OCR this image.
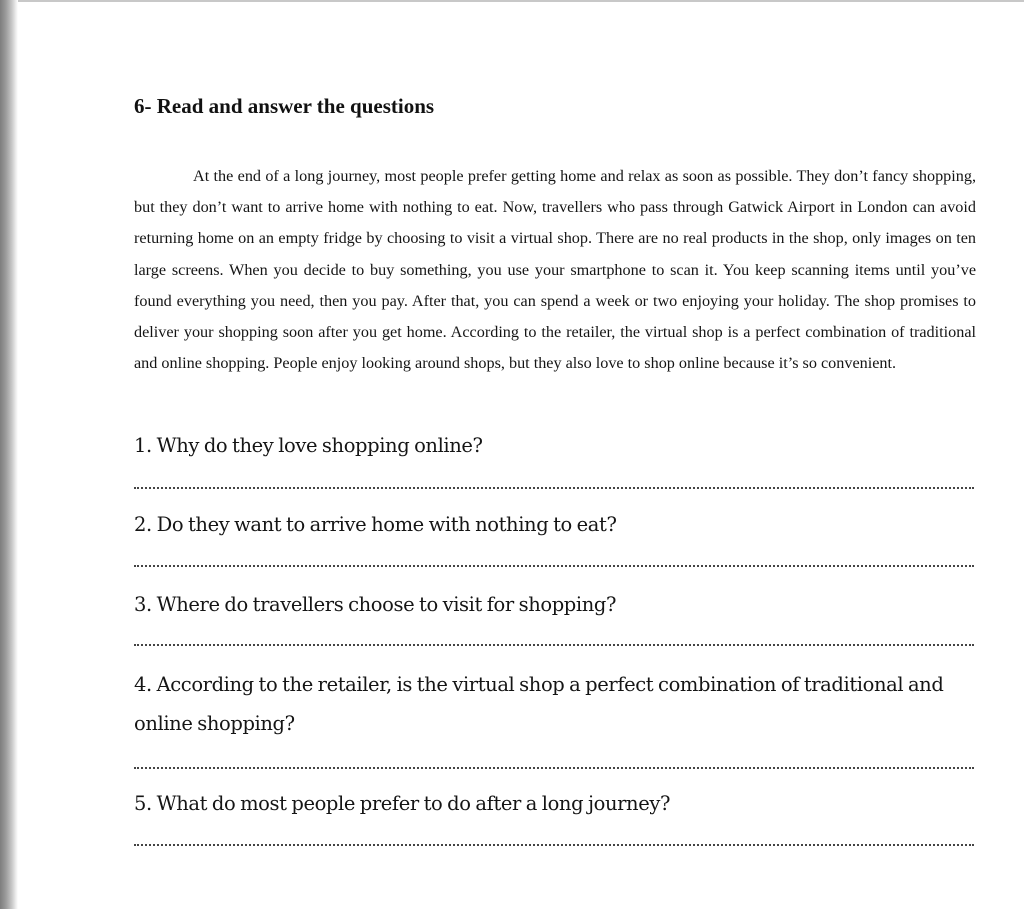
6- Read and answer the questions

At the end of a long journey, most people prefer getting home and relax as soon as possible. They don’t fancy shopping, but they don’t want to arrive home with nothing to eat. Now, travellers who pass through Gatwick Airport in London can avoid returning home on an empty fridge by choosing to visit a virtual shop. There are no real products in the shop, only images on ten large screens. When you decide to buy something, you use your smartphone to scan it. You keep scanning items until you’ve found everything you need, then you pay. After that, you can spend a week or two enjoying your holiday. The shop promises to deliver your shopping soon after you get home. According to the retailer, the virtual shop is a perfect combination of traditional and online shopping. People enjoy looking around shops, but they also love to shop online because it’s so convenient.

1. Why do they love shopping online?

2. Do they want to arrive home with nothing to eat?

3. Where do travellers choose to visit for shopping?

4. According to the retailer, is the virtual shop a perfect combination of traditional and online shopping?

5. What do most people prefer to do after a long journey?
